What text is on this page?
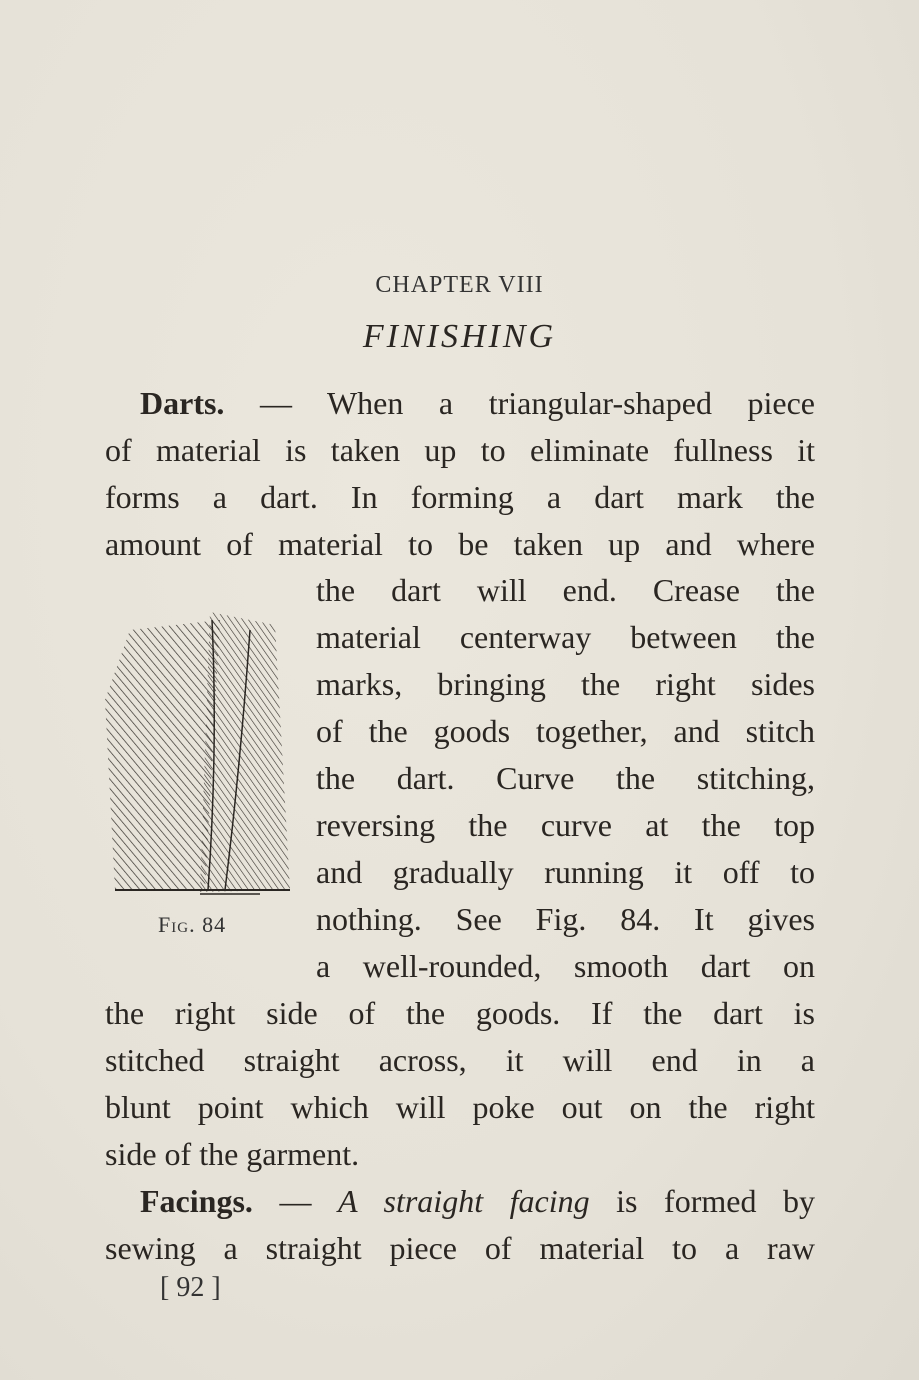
CHAPTER VIII
FINISHING
Darts. — When a triangular-shaped piece
of material is taken up to eliminate fullness it
forms a dart. In forming a dart mark the
amount of material to be taken up and where
the dart will end. Crease the
material centerway between the
marks, bringing the right sides
of the goods together, and stitch
the dart. Curve the stitching,
reversing the curve at the top
and gradually running it off to
nothing. See Fig. 84. It gives
a well-rounded, smooth dart on
the right side of the goods. If the dart is
stitched straight across, it will end in a
blunt point which will poke out on the right
side of the garment.
Fig. 84
Facings. — A straight facing is formed by
sewing a straight piece of material to a raw
[ 92 ]
